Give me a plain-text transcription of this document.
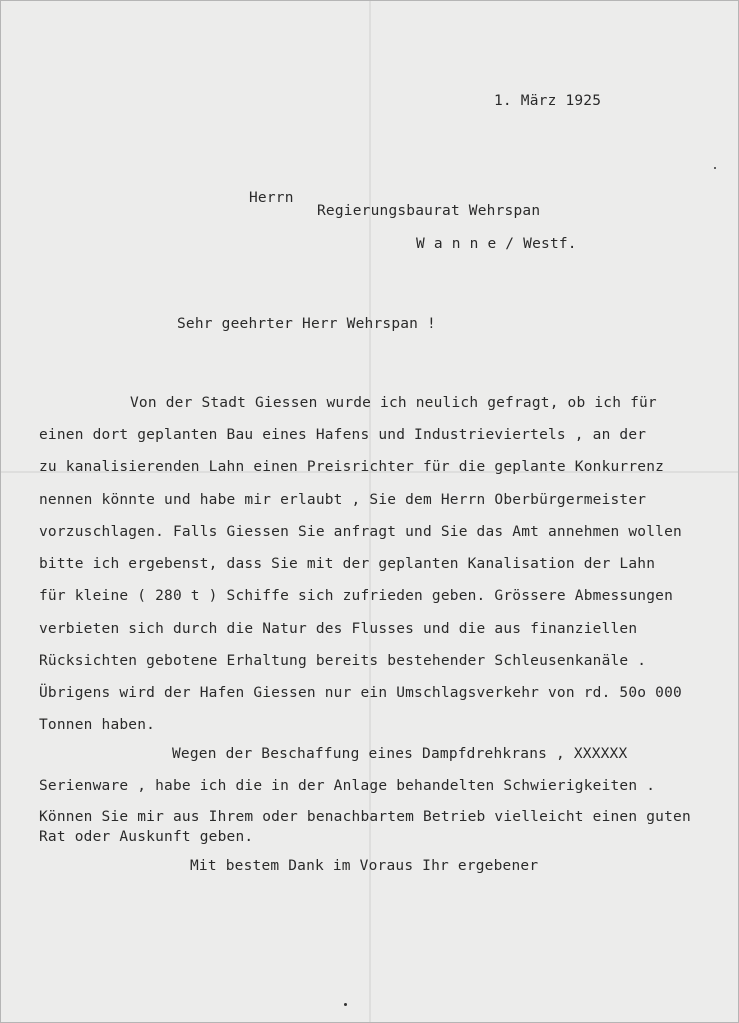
1. März 1925
Herrn
Regierungsbaurat Wehrspan
W a n n e / Westf.
Sehr geehrter Herr Wehrspan !
Von der Stadt Giessen wurde ich neulich gefragt, ob ich für
einen dort geplanten Bau eines Hafens und Industrieviertels , an der
zu kanalisierenden Lahn einen Preisrichter für die geplante Konkurrenz
nennen könnte und habe mir erlaubt , Sie dem Herrn Oberbürgermeister
vorzuschlagen. Falls Giessen Sie anfragt und Sie das Amt annehmen wollen
bitte ich ergebenst, dass Sie mit der geplanten Kanalisation der Lahn
für kleine ( 280 t ) Schiffe sich zufrieden geben. Grössere Abmessungen
verbieten sich durch die Natur des Flusses und die aus finanziellen
Rücksichten gebotene Erhaltung bereits bestehender Schleusenkanäle .
Übrigens wird der Hafen Giessen nur ein Umschlagsverkehr von rd. 50o 000
Tonnen haben.
Wegen der Beschaffung eines Dampfdrehkrans , XXXXXX
Serienware , habe ich die in der Anlage behandelten Schwierigkeiten .
Können Sie mir aus Ihrem oder benachbartem Betrieb vielleicht einen guten
Rat oder Auskunft geben.
Mit bestem Dank im Voraus Ihr ergebener
